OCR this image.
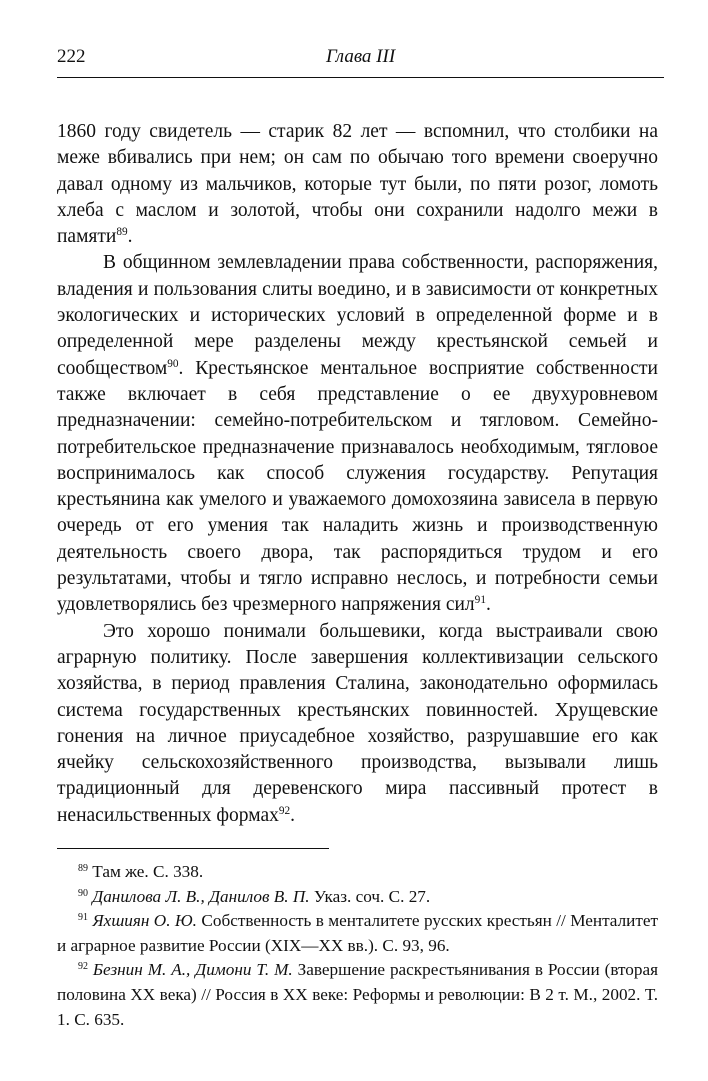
222	Глава III

1860 году свидетель — старик 82 лет — вспомнил, что столбики на меже вбивались при нем; он сам по обычаю того времени своеручно давал одному из мальчиков, которые тут были, по пяти розог, ломоть хлеба с маслом и золотой, чтобы они сохранили надолго межи в памяти$^{89}$.

В общинном землевладении права собственности, распоряжения, владения и пользования слиты воедино, и в зависимости от конкретных экологических и исторических условий в определенной форме и в определенной мере разделены между крестьянской семьей и сообществом$^{90}$. Крестьянское ментальное восприятие собственности также включает в себя представление о ее двухуровневом предназначении: семейно-потребительском и тягловом. Семейно-потребительское предназначение признавалось необходимым, тягловое воспринималось как способ служения государству. Репутация крестьянина как умелого и уважаемого домохозяина зависела в первую очередь от его умения так наладить жизнь и производственную деятельность своего двора, так распорядиться трудом и его результатами, чтобы и тягло исправно неслось, и потребности семьи удовлетворялись без чрезмерного напряжения сил$^{91}$.

Это хорошо понимали большевики, когда выстраивали свою аграрную политику. После завершения коллективизации сельского хозяйства, в период правления Сталина, законодательно оформилась система государственных крестьянских повинностей. Хрущевские гонения на личное приусадебное хозяйство, разрушавшие его как ячейку сельскохозяйственного производства, вызывали лишь традиционный для деревенского мира пассивный протест в ненасильственных формах$^{92}$.

$^{89}$ Там же. С. 338.

$^{90}$ Данилова Л. В., Данилов В. П. Указ. соч. С. 27.

$^{91}$ Яхшиян О. Ю. Собственность в менталитете русских крестьян // Менталитет и аграрное развитие России (XIX—XX вв.). С. 93, 96.

$^{92}$ Безнин М. А., Димони Т. М. Завершение раскрестьянивания в России (вторая половина XX века) // Россия в XX веке: Реформы и революции: В 2 т. М., 2002. Т. 1. С. 635.
